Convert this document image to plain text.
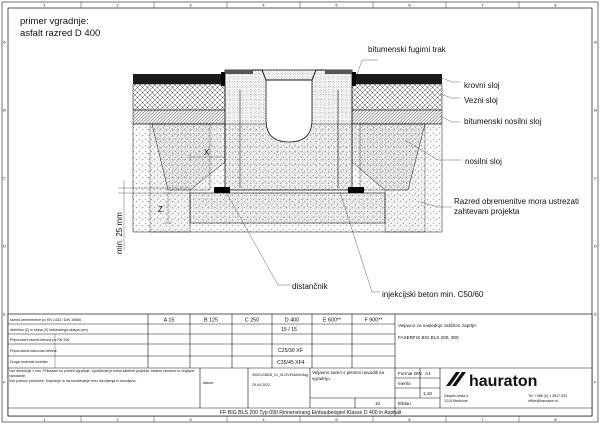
1
1
2
2
3
3
4
4
5
5
6
6
7
7
8
8
A	A
B	B
C	C
D	D
E	E
F	F
primer vgradnje:
asfalt razred D 400
X
Z
min. 25 mm
bitumenski fugirni trak
krovni sloj
Vezni sloj
bitumenski nosilni sloj
nosilni sloj
Razred obremenitve mora ustrezati zahtevam projekta
distančnik
injekcijski beton min. C50/60
razred obremenitve po EN 1433 / DIN 19580	A 15	B 125	C 250	D 400	E 600**	F 900**
debelina (Z) in širina (X) betonskega oklepa (cm)	15 / 15
Priporočeni razred betona po EN 206
Priporočena kakovost betona	C25/30 XF
Druga možnost izvedbe	C35/45 XF4
Vse dimenzije v mm. Prikazani so primeri vgradnje. Upoštevati je treba zahteve projekta, lokalne razmere in veljavne standarde.
Vse pravice pridržane. Kopiranje in razmnoževanje brez dovoljenja ni dovoljeno.
0000123828_01_SLOVENIAN.dwg
datum:	29.04.2022
Veljavno samo s pisnimi navodili za vgradnjo.
10
Veljavno za naslednjo zaščitno zaprtje:
FASERFIX BIG BLS 200, 300
Format DIN A4
merilo
1:10
Eiblau
hauraton
Zaspilo cesta 4
1215 Medvode
Tel. +386 (0) 1 3617 833
office@hauraton.si
FF BIG BLS 200 Typ 090 Rinnenstrang Einbaubeispiel Klasse D 400 in Asphalt
